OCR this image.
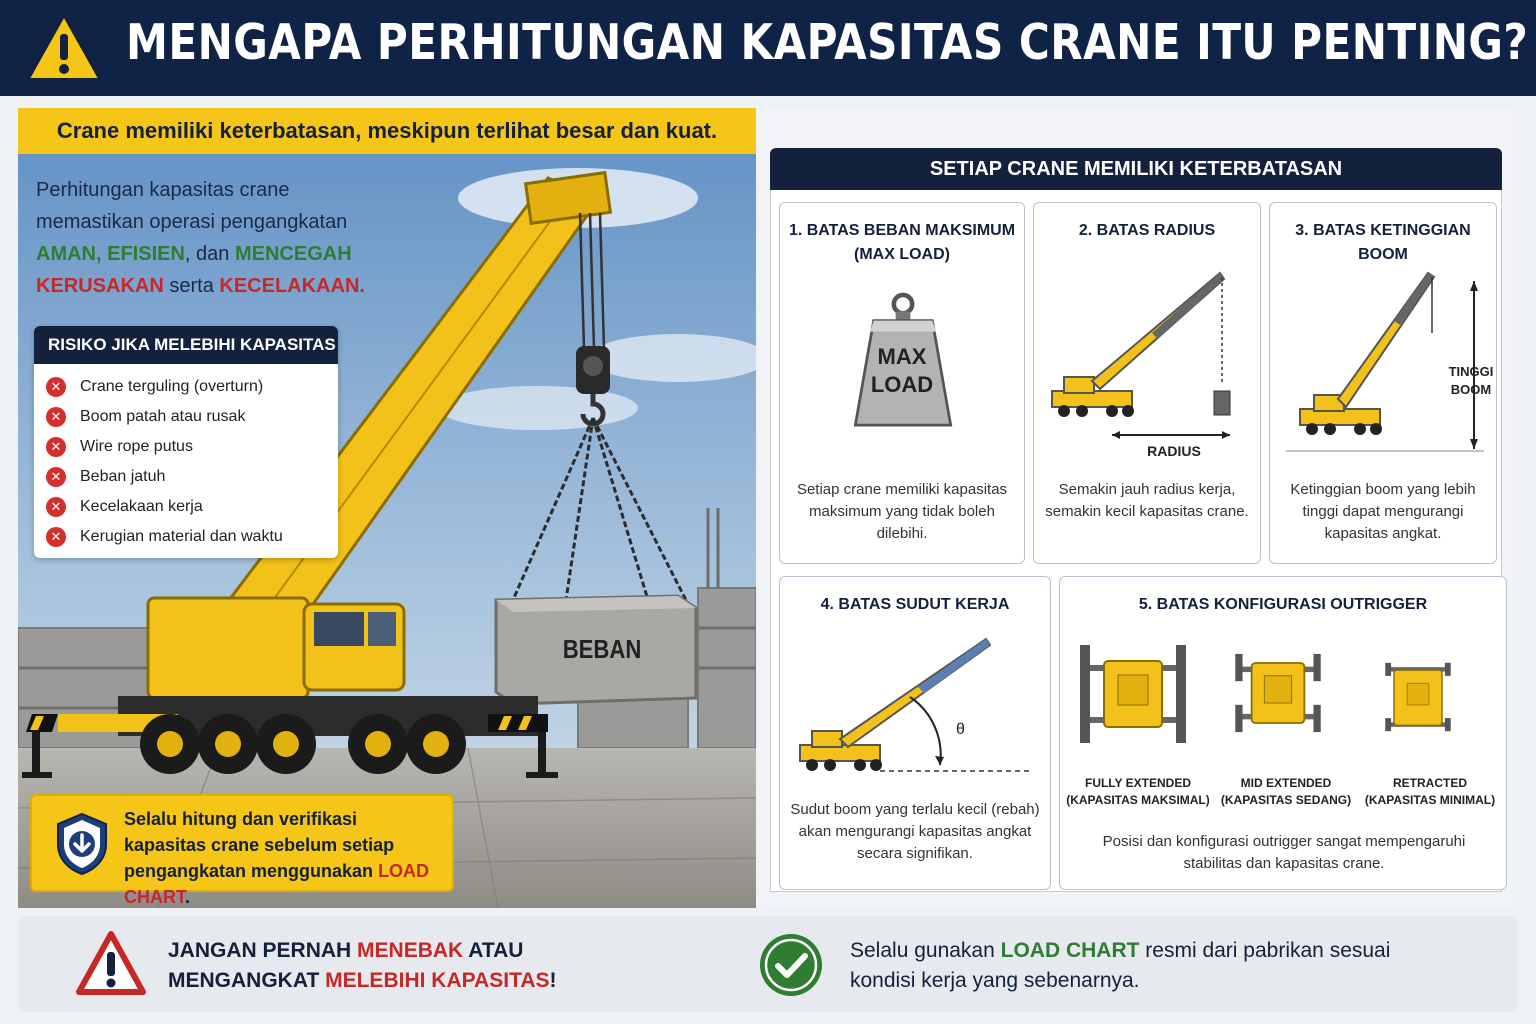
MENGAPA PERHITUNGAN KAPASITAS CRANE ITU PENTING?
Crane memiliki keterbatasan, meskipun terlihat besar dan kuat.
Perhitungan kapasitas crane
memastikan operasi pengangkatan
AMAN, EFISIEN, dan MENCEGAH
KERUSAKAN serta KECELAKAAN.
RISIKO JIKA MELEBIHI KAPASITAS
✕ Crane terguling (overturn)
✕ Boom patah atau rusak
✕ Wire rope putus
✕ Beban jatuh
✕ Kecelakaan kerja
✕ Kerugian material dan waktu
BEBAN

Selalu hitung dan verifikasi kapasitas crane sebelum setiap pengangkatan menggunakan LOAD CHART.

SETIAP CRANE MEMILIKI KETERBATASAN
1. BATAS BEBAN MAKSIMUM
(MAX LOAD)
MAX
LOAD
Setiap crane memiliki kapasitas maksimum yang tidak boleh dilebihi.
2. BATAS RADIUS
RADIUS
Semakin jauh radius kerja, semakin kecil kapasitas crane.
3. BATAS KETINGGIAN BOOM
TINGGI
BOOM
Ketinggian boom yang lebih tinggi dapat mengurangi kapasitas angkat.
4. BATAS SUDUT KERJA
θ
Sudut boom yang terlalu kecil (rebah) akan mengurangi kapasitas angkat secara signifikan.
5. BATAS KONFIGURASI OUTRIGGER
FULLY EXTENDED
(KAPASITAS MAKSIMAL)
MID EXTENDED
(KAPASITAS SEDANG)
RETRACTED
(KAPASITAS MINIMAL)
Posisi dan konfigurasi outrigger sangat mempengaruhi stabilitas dan kapasitas crane.
JANGAN PERNAH MENEBAK ATAU
MENGANGKAT MELEBIHI KAPASITAS!
Selalu gunakan LOAD CHART resmi dari pabrikan sesuai
kondisi kerja yang sebenarnya.
